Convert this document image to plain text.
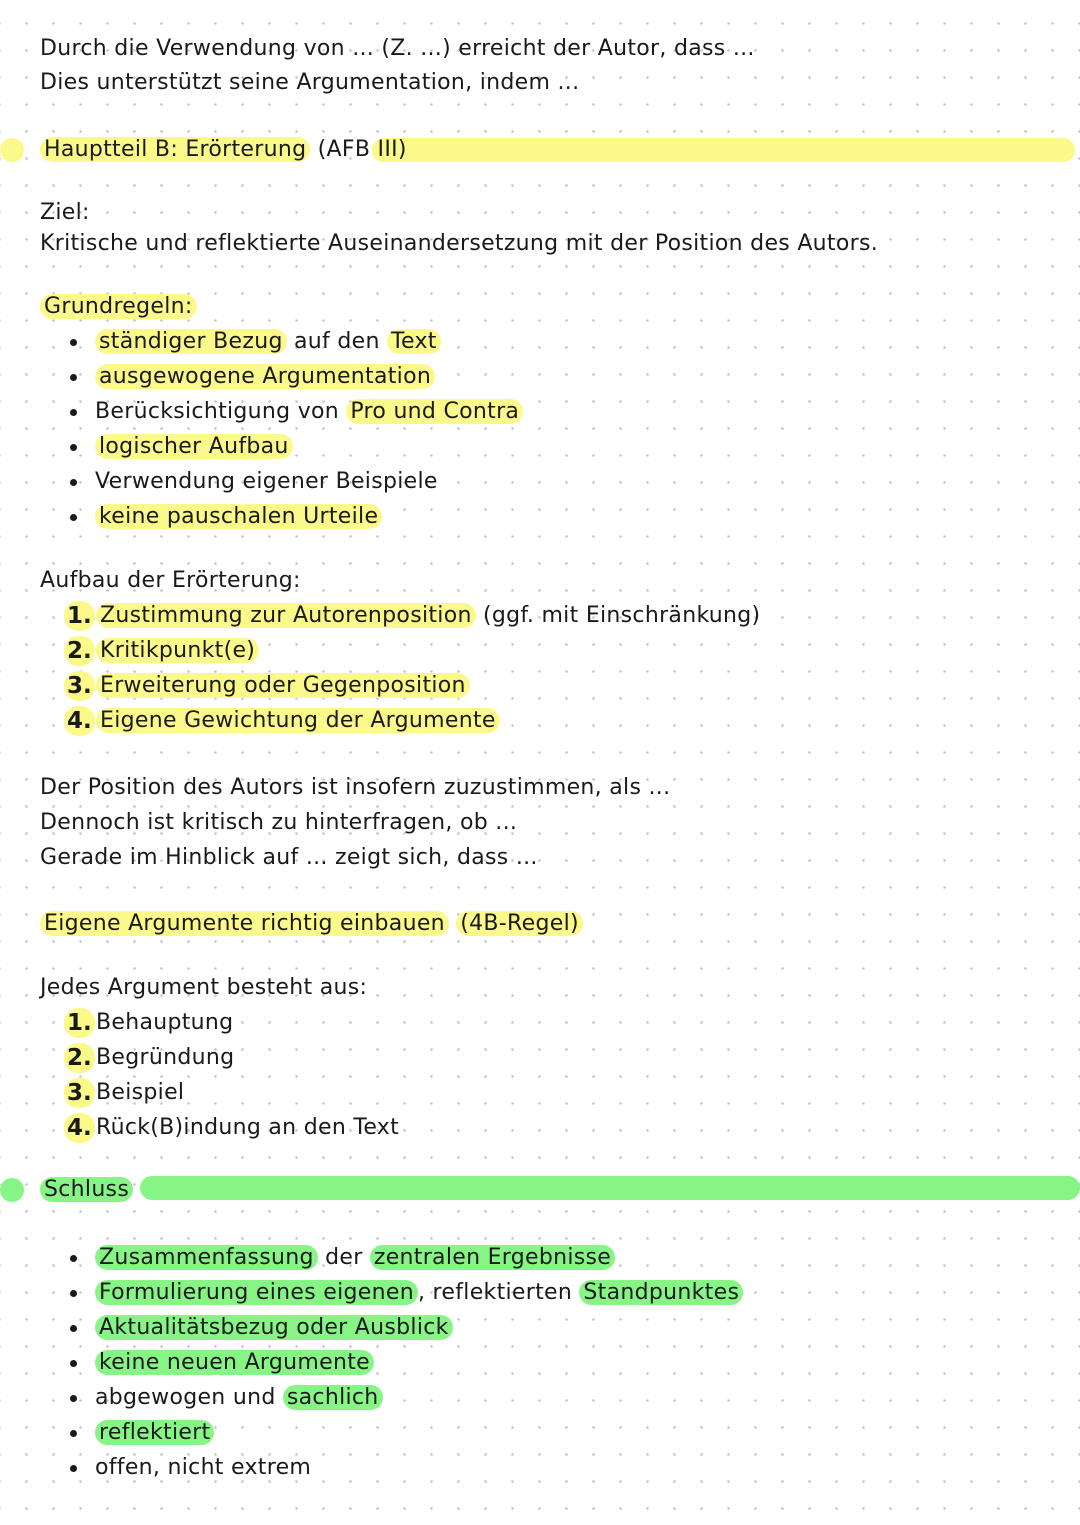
Durch die Verwendung von ... (Z. ...) erreicht der Autor, dass ...
Dies unterstützt seine Argumentation, indem ...
Hauptteil B: Erörterung (AFB III)
Ziel:
Kritische und reflektierte Auseinandersetzung mit der Position des Autors.
Grundregeln:
ständiger Bezug auf den Text
ausgewogene Argumentation
Berücksichtigung von Pro und Contra
logischer Aufbau
Verwendung eigener Beispiele
keine pauschalen Urteile
Aufbau der Erörterung:
1. Zustimmung zur Autorenposition (ggf. mit Einschränkung)
2. Kritikpunkt(e)
3. Erweiterung oder Gegenposition
4. Eigene Gewichtung der Argumente
Der Position des Autors ist insofern zuzustimmen, als ...
Dennoch ist kritisch zu hinterfragen, ob ...
Gerade im Hinblick auf ... zeigt sich, dass ...
Eigene Argumente richtig einbauen (4B-Regel)
Jedes Argument besteht aus:
1. Behauptung
2. Begründung
3. Beispiel
4. Rück(B)indung an den Text
Schluss
Zusammenfassung der zentralen Ergebnisse
Formulierung eines eigenen , reflektierten Standpunktes
Aktualitätsbezug oder Ausblick
keine neuen Argumente
abgewogen und sachlich
reflektiert
offen, nicht extrem
